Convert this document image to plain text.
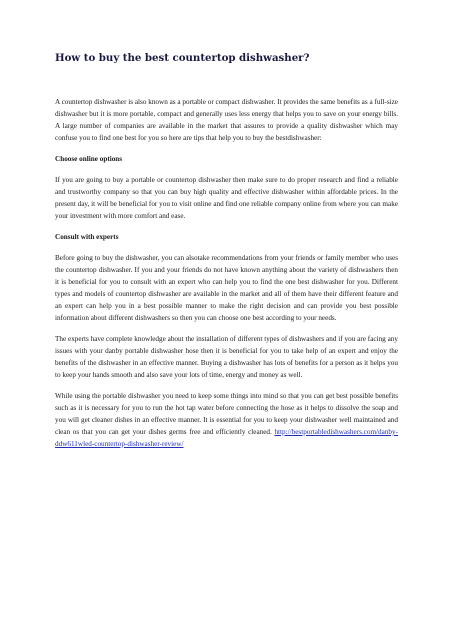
How to buy the best countertop dishwasher?

A countertop dishwasher is also known as a portable or compact dishwasher. It provides the same benefits as a full-size dishwasher but it is more portable, compact and generally uses less energy that helps you to save on your energy bills. A large number of companies are available in the market that assures to provide a quality dishwasher which may confuse you to find one best for you so here are tips that help you to buy the bestdishwasher:

Choose online options

If you are going to buy a portable or countertop dishwasher then make sure to do proper research and find a reliable and trustworthy company so that you can buy high quality and effective dishwasher within affordable prices. In the present day, it will be beneficial for you to visit online and find one reliable company online from where you can make your investment with more comfort and ease.

Consult with experts

Before going to buy the dishwasher, you can alsotake recommendations from your friends or family member who uses the countertop dishwasher. If you and your friends do not have known anything about the variety of dishwashers then it is beneficial for you to consult with an expert who can help you to find the one best dishwasher for you. Different types and models of countertop dishwasher are available in the market and all of them have their different feature and an expert can help you in a best possible manner to make the right decision and can provide you best possible information about different dishwashers so then you can choose one best according to your needs.

The experts have complete knowledge about the installation of different types of dishwashers and if you are facing any issues with your danby portable dishwasher hose then it is beneficial for you to take help of an expert and enjoy the benefits of the dishwasher in an effective manner. Buying a dishwasher has lots of benefits for a person as it helps you to keep your hands smooth and also save your lots of time, energy and money as well.

While using the portable dishwasher you need to keep some things into mind so that you can get best possible benefits such as it is necessary for you to run the hot tap water before connecting the hose as it helps to dissolve the soap and you will get cleaner dishes in an effective manner. It is essential for you to keep your dishwasher well maintained and clean os that you can get your dishes germs free and efficiently cleaned. http://bestportabledishwashers.com/danby-ddw611wled-countertop-dishwasher-review/
